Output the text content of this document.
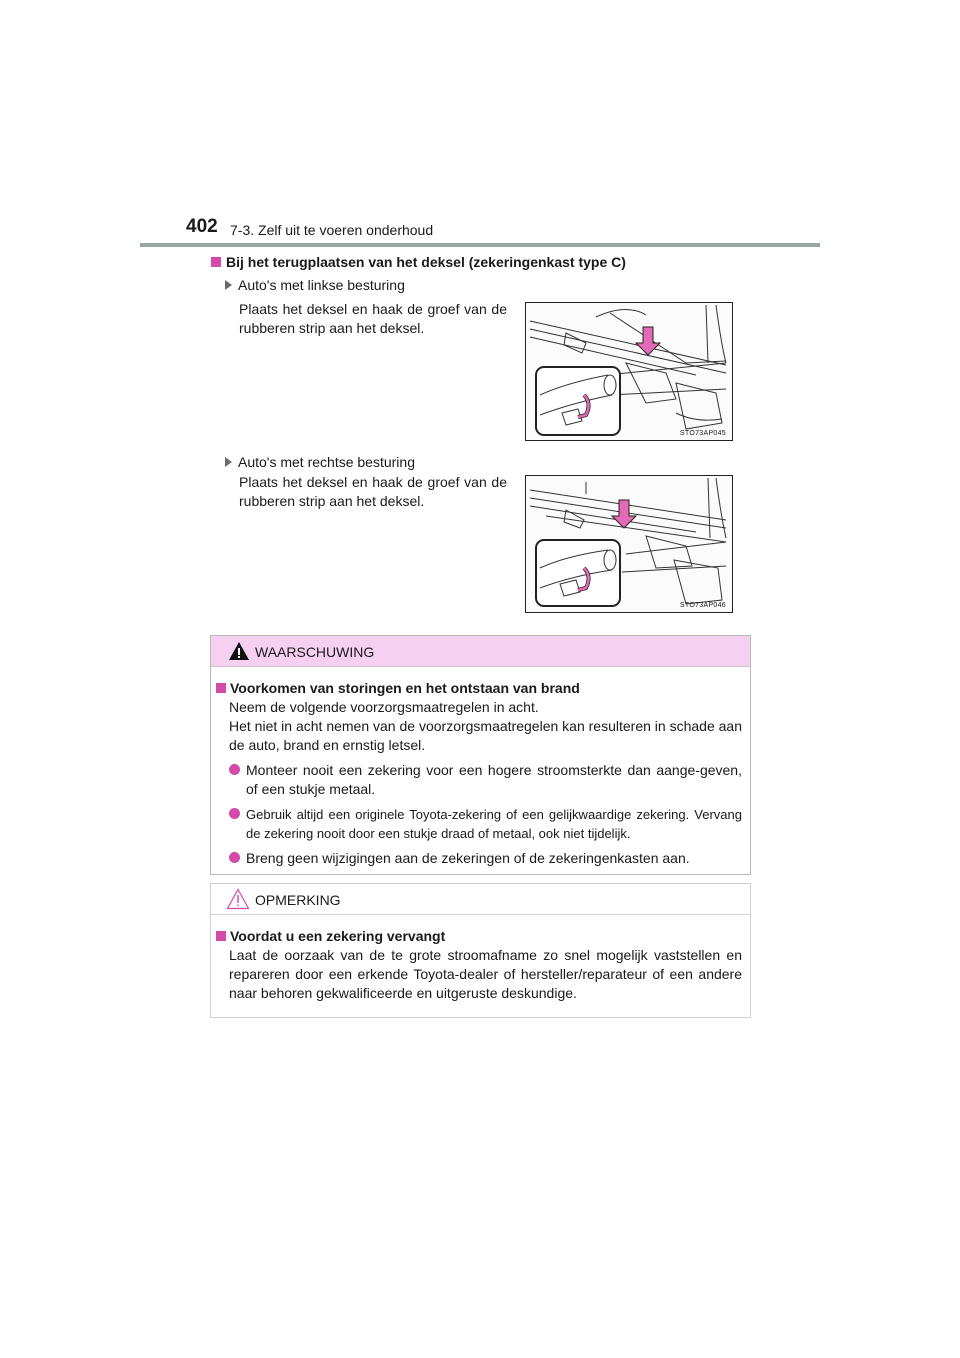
402 7-3. Zelf uit te voeren onderhoud
Bij het terugplaatsen van het deksel (zekeringenkast type C)
Auto's met linkse besturing
Plaats het deksel en haak de groef van de rubberen strip aan het deksel.
STO73AP045
Auto's met rechtse besturing
Plaats het deksel en haak de groef van de rubberen strip aan het deksel.
STO73AP046
WAARSCHUWING

Voorkomen van storingen en het ontstaan van brand

Neem de volgende voorzorgsmaatregelen in acht.

Het niet in acht nemen van de voorzorgsmaatregelen kan resulteren in schade aan de auto, brand en ernstig letsel.

Monteer nooit een zekering voor een hogere stroomsterkte dan aange-geven, of een stukje metaal.

Gebruik altijd een originele Toyota-zekering of een gelijkwaardige zekering. Vervang de zekering nooit door een stukje draad of metaal, ook niet tijdelijk.

Breng geen wijzigingen aan de zekeringen of de zekeringenkasten aan.

OPMERKING

Voordat u een zekering vervangt

Laat de oorzaak van de te grote stroomafname zo snel mogelijk vaststellen en repareren door een erkende Toyota-dealer of hersteller/reparateur of een andere naar behoren gekwalificeerde en uitgeruste deskundige.
